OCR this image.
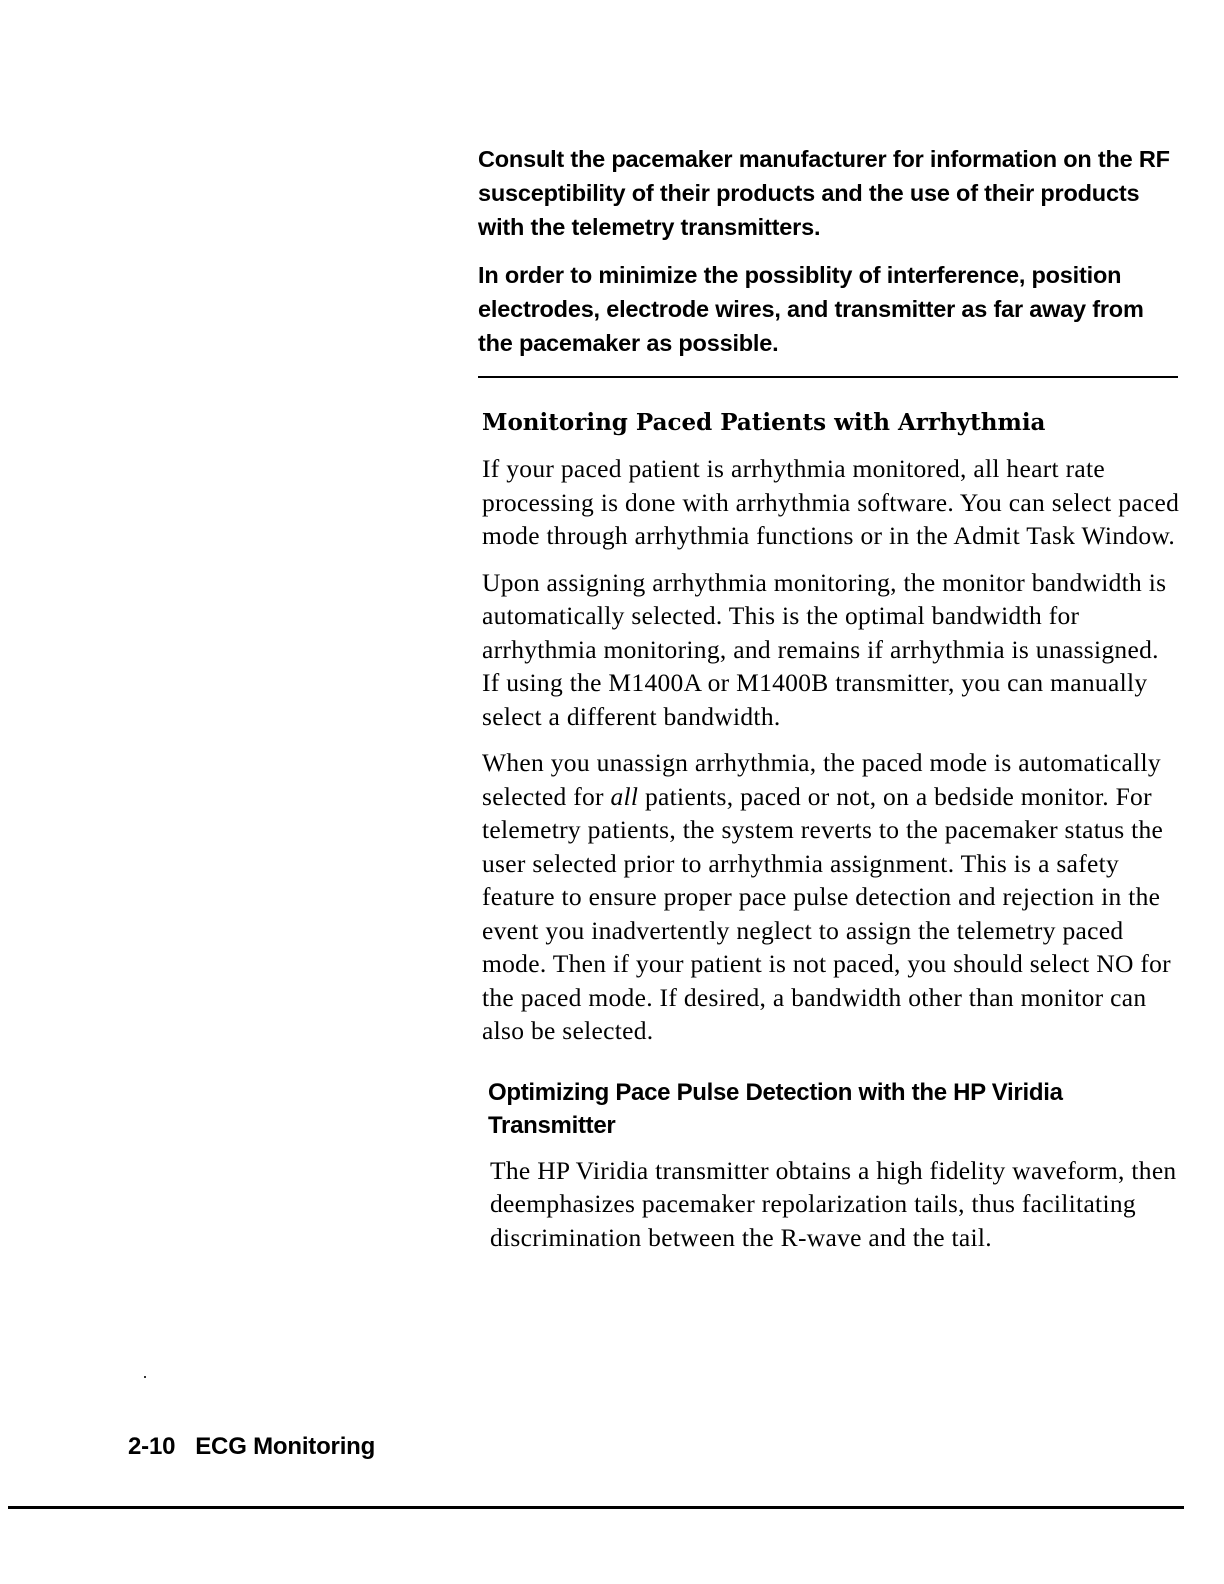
Consult the pacemaker manufacturer for information on the RF susceptibility of their products and the use of their products with the telemetry transmitters.

In order to minimize the possiblity of interference, position electrodes, electrode wires, and transmitter as far away from the pacemaker as possible.

Monitoring Paced Patients with Arrhythmia

If your paced patient is arrhythmia monitored, all heart rate processing is done with arrhythmia software. You can select paced mode through arrhythmia functions or in the Admit Task Window.

Upon assigning arrhythmia monitoring, the monitor bandwidth is automatically selected. This is the optimal bandwidth for arrhythmia monitoring, and remains if arrhythmia is unassigned. If using the M1400A or M1400B transmitter, you can manually select a different bandwidth.

When you unassign arrhythmia, the paced mode is automatically selected for all patients, paced or not, on a bedside monitor. For telemetry patients, the system reverts to the pacemaker status the user selected prior to arrhythmia assignment. This is a safety feature to ensure proper pace pulse detection and rejection in the event you inadvertently neglect to assign the telemetry paced mode. Then if your patient is not paced, you should select NO for the paced mode. If desired, a bandwidth other than monitor can also be selected.

Optimizing Pace Pulse Detection with the HP Viridia Transmitter

The HP Viridia transmitter obtains a high fidelity waveform, then deemphasizes pacemaker repolarization tails, thus facilitating discrimination between the R-wave and the tail.

2-10 ECG Monitoring
